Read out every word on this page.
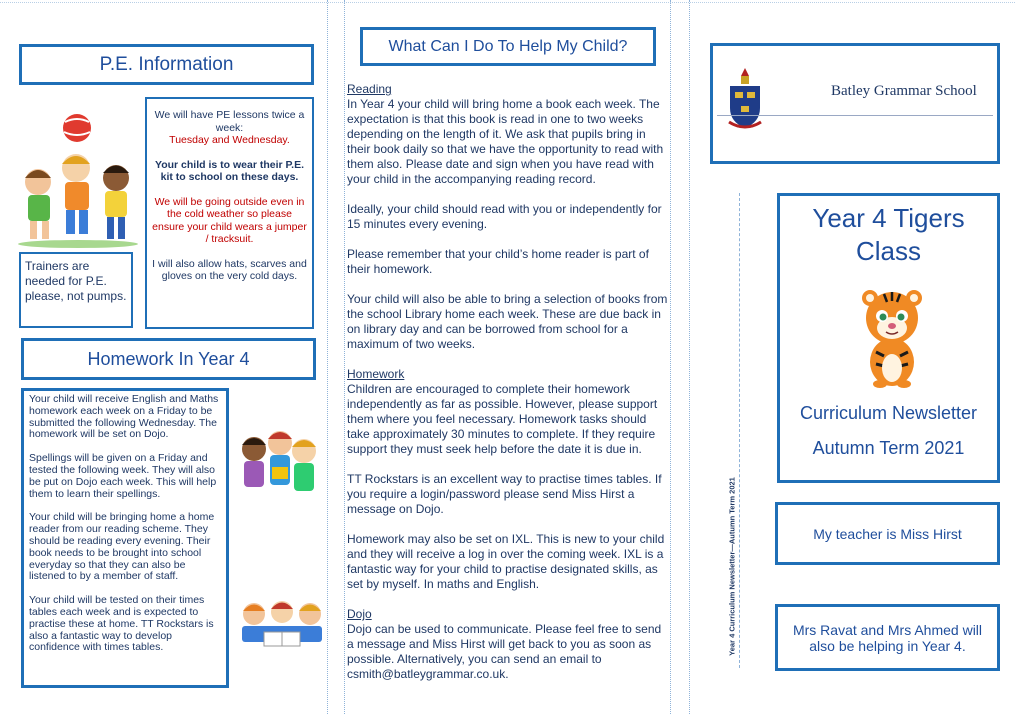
P.E. Information

We will have PE lessons twice a week:

Tuesday and Wednesday.

Your child is to wear their P.E. kit to school on these days.

We will be going outside even in the cold weather so please ensure your child wears a jumper / tracksuit.

I will also allow hats, scarves and gloves on the very cold days.

Trainers are needed for P.E. please, not pumps.

Homework In Year 4

Your child will receive English and Maths homework each week on a Friday to be submitted the following Wednesday. The homework will be set on Dojo.

Spellings will be given on a Friday and tested the following week. They will also be put on Dojo each week. This will help them to learn their spellings.

Your child will be bringing home a home reader from our reading scheme. They should be reading every evening. Their book needs to be brought into school everyday so that they can also be listened to by a member of staff.

Your child will be tested on their times tables each week and is expected to practise these at home. TT Rockstars is also a fantastic way to develop confidence with times tables.

What Can I Do To Help My Child?

Reading

In Year 4 your child will bring home a book each week. The expectation is that this book is read in one to two weeks depending on the length of it. We ask that pupils bring in their book daily so that we have the opportunity to read with them also. Please date and sign when you have read with your child in the accompanying reading record.

Ideally, your child should read with you or independently for 15 minutes every evening.

Please remember that your child’s home reader is part of their homework.

Your child will also be able to bring a selection of books from the school Library home each week. These are due back in on library day and can be borrowed from school for a maximum of two weeks.

Homework

Children are encouraged to complete their homework independently as far as possible. However, please support them where you feel necessary. Homework tasks should take approximately 30 minutes to complete. If they require support they must seek help before the date it is due in.

TT Rockstars is an excellent way to practise times tables. If you require a login/password please send Miss Hirst a message on Dojo.

Homework may also be set on IXL. This is new to your child and they will receive a log in over the coming week. IXL is a fantastic way for your child to practise designated skills, as set by myself. In maths and English.

Dojo

Dojo can be used to communicate. Please feel free to send a message and Miss Hirst will get back to you as soon as possible. Alternatively, you can send an email to csmith@batleygrammar.co.uk.

Batley Grammar School
Year 4 Curriculum Newsletter—Autumn Term 2021
Year 4 Tigers Class
Curriculum Newsletter
Autumn Term 2021
My teacher is Miss Hirst
Mrs Ravat and Mrs Ahmed will also be helping in Year 4.
